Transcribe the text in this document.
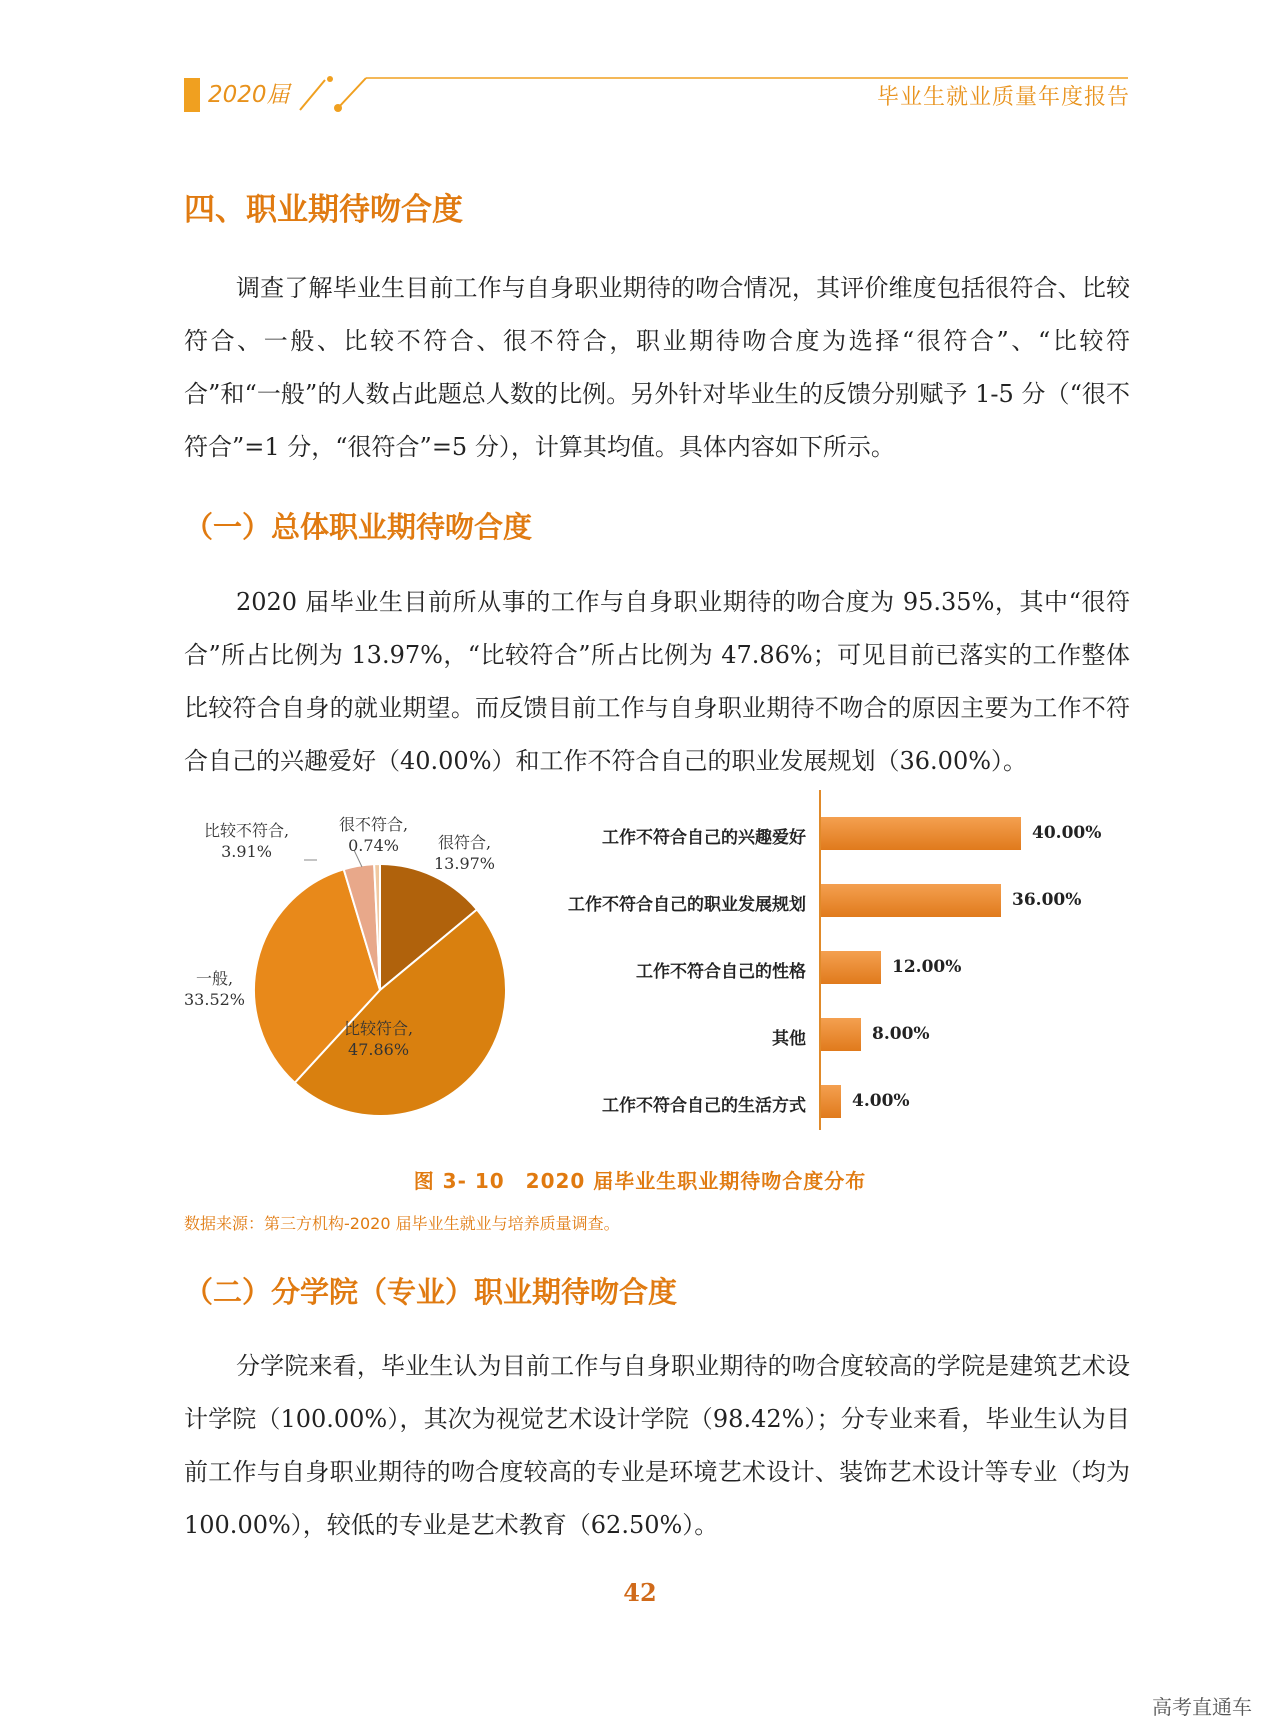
2020届	毕业生就业质量年度报告
四、职业期待吻合度
调查了解毕业生目前工作与自身职业期待的吻合情况，其评价维度包括很符合、比较符合、一般、比较不符合、很不符合，职业期待吻合度为选择“很符合”、“比较符合”和“一般”的人数占此题总人数的比例。另外针对毕业生的反馈分别赋予 1-5 分（“很不符合”=1 分，“很符合”=5 分），计算其均值。具体内容如下所示。
（一）总体职业期待吻合度
2020 届毕业生目前所从事的工作与自身职业期待的吻合度为 95.35%，其中“很符合”所占比例为 13.97%，“比较符合”所占比例为 47.86%；可见目前已落实的工作整体比较符合自身的就业期望。而反馈目前工作与自身职业期待不吻合的原因主要为工作不符合自己的兴趣爱好（40.00%）和工作不符合自己的职业发展规划（36.00%）。
很符合,
13.97%
比较符合,
47.86%
一般,
33.52%
比较不符合,
3.91%
很不符合,
0.74%	工作不符合自己的兴趣爱好	40.00%
工作不符合自己的职业发展规划	36.00%
工作不符合自己的性格	12.00%
其他	8.00%
工作不符合自己的生活方式	4.00%
图 3- 10　2020 届毕业生职业期待吻合度分布
数据来源：第三方机构-2020 届毕业生就业与培养质量调查。
（二）分学院（专业）职业期待吻合度
分学院来看，毕业生认为目前工作与自身职业期待的吻合度较高的学院是建筑艺术设计学院（100.00%），其次为视觉艺术设计学院（98.42%）；分专业来看，毕业生认为目前工作与自身职业期待的吻合度较高的专业是环境艺术设计、装饰艺术设计等专业（均为 100.00%），较低的专业是艺术教育（62.50%）。
42
高考直通车
